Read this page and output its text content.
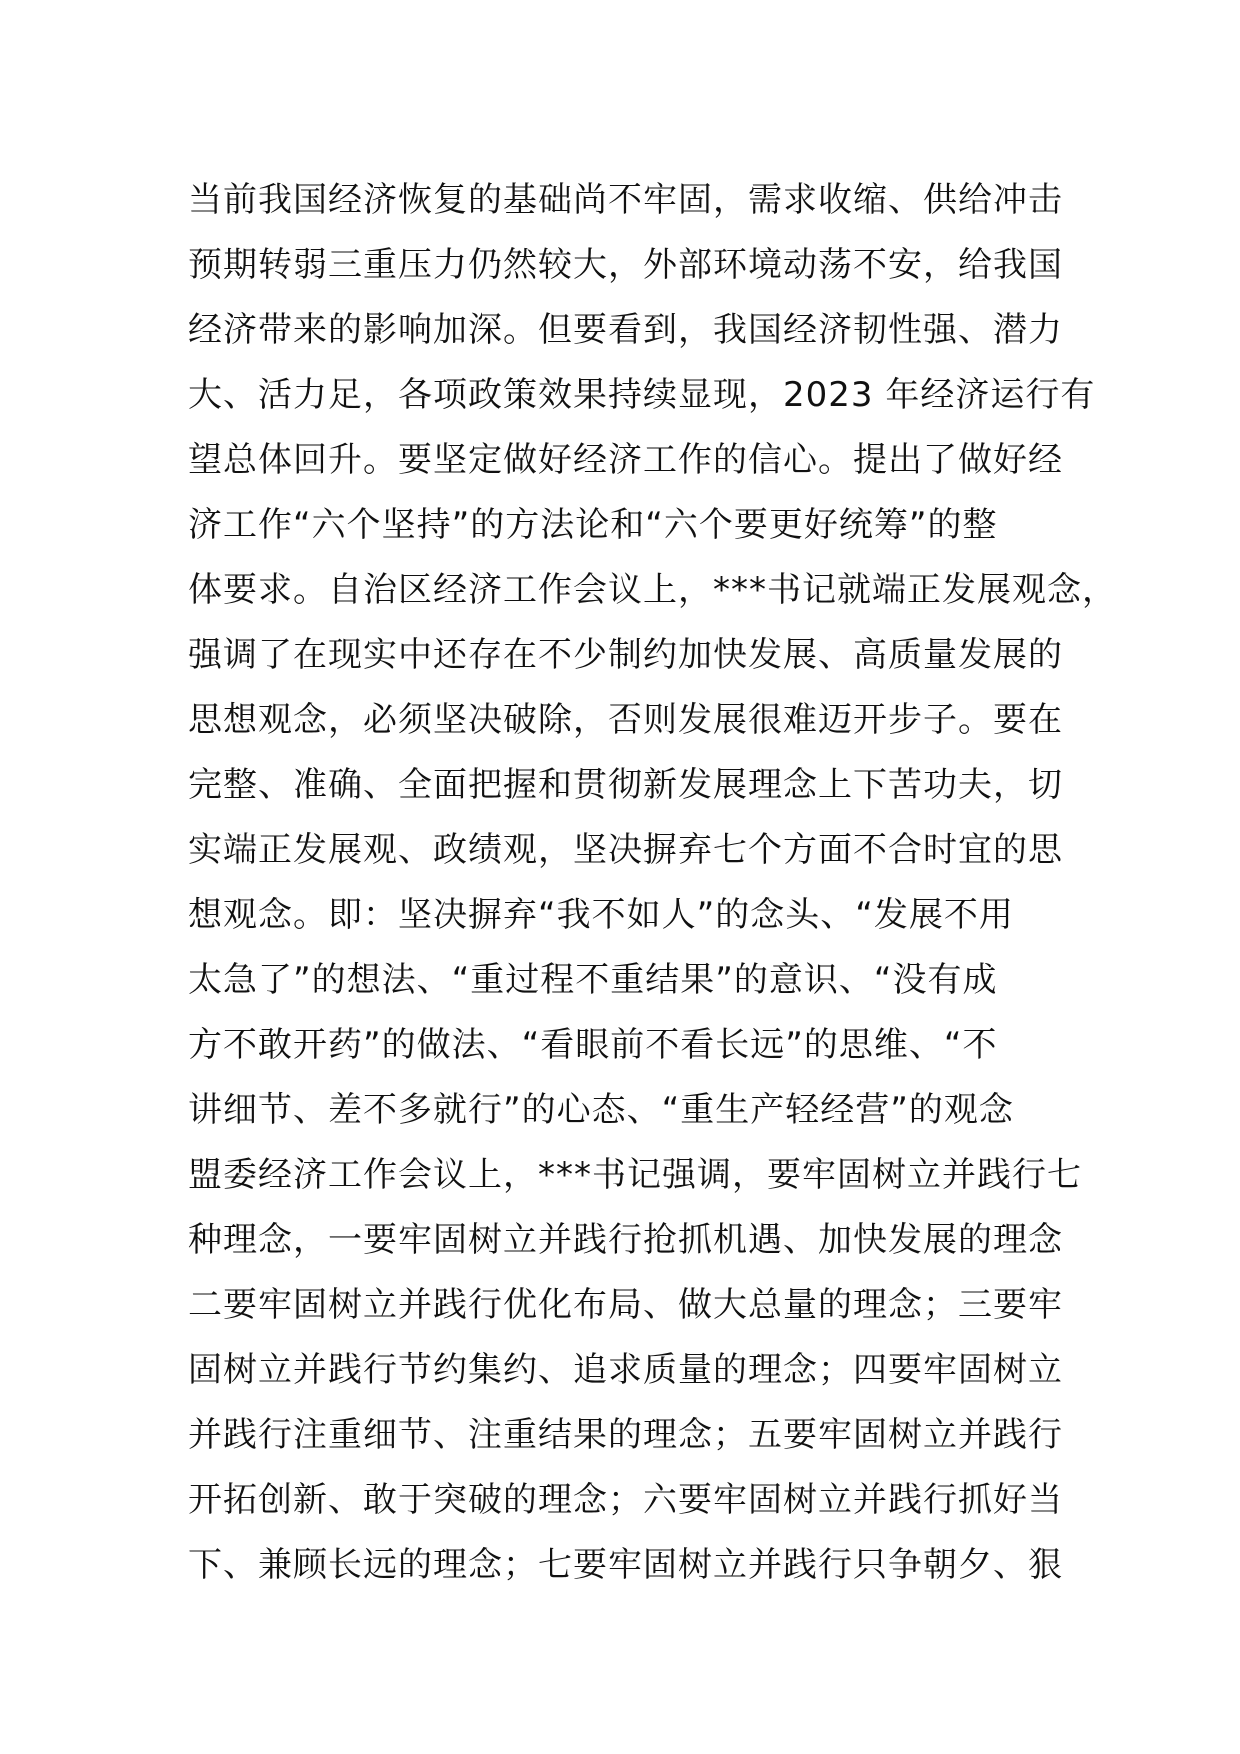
当前我国经济恢复的基础尚不牢固，需求收缩、供给冲击
预期转弱三重压力仍然较大，外部环境动荡不安，给我国
经济带来的影响加深。但要看到，我国经济韧性强、潜力
大、活力足，各项政策效果持续显现，2023 年经济运行有
望总体回升。要坚定做好经济工作的信心。提出了做好经
济工作“六个坚持”的方法论和“六个要更好统筹”的整
体要求。自治区经济工作会议上，***书记就端正发展观念，
强调了在现实中还存在不少制约加快发展、高质量发展的
思想观念，必须坚决破除，否则发展很难迈开步子。要在
完整、准确、全面把握和贯彻新发展理念上下苦功夫，切
实端正发展观、政绩观，坚决摒弃七个方面不合时宜的思
想观念。即：坚决摒弃“我不如人”的念头、“发展不用
太急了”的想法、“重过程不重结果”的意识、“没有成
方不敢开药”的做法、“看眼前不看长远”的思维、“不
讲细节、差不多就行”的心态、“重生产轻经营”的观念
盟委经济工作会议上，***书记强调，要牢固树立并践行七
种理念，一要牢固树立并践行抢抓机遇、加快发展的理念
二要牢固树立并践行优化布局、做大总量的理念；三要牢
固树立并践行节约集约、追求质量的理念；四要牢固树立
并践行注重细节、注重结果的理念；五要牢固树立并践行
开拓创新、敢于突破的理念；六要牢固树立并践行抓好当
下、兼顾长远的理念；七要牢固树立并践行只争朝夕、狠
